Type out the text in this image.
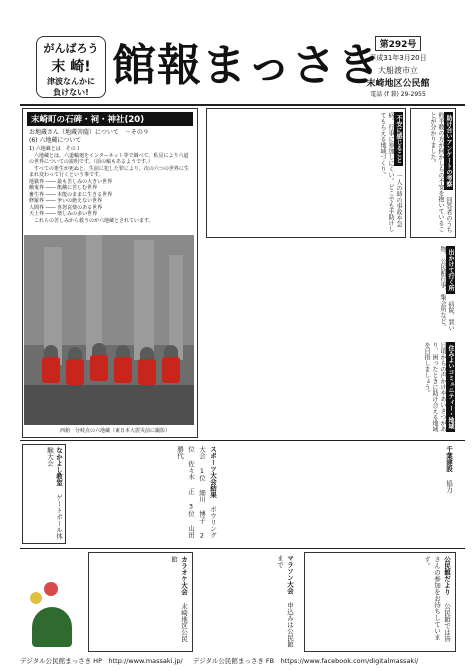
がんばろう
末 崎!
津波なんかに
負けない!
館報まっさき
第292号
平成31年3月20日
大船渡市立
末崎地区公民館
電話 (f 兼) 29-2955
末崎町の石碑・祠・神社(20)
お地蔵さん（地蔵菩薩）について　－その９
(6) 六地蔵について
1) 六地蔵とは　その１
　六地蔵とは、六道輪廻をインターネット等で調べて、私見により六道の世界についての説明です。（前の稿もあるようです。）
　すべての衆生が死ぬと、生前に犯した罪により、次の六つの世界に生まれ変わって行くという事です。
地獄界 ―― 最も苦しみの大きい世界
餓鬼界 ―― 飢餓に苦しむ世界
畜生界 ―― 本能のままに生きる世界
修羅界 ―― 争いの絶えない世界
人間界 ―― 喜怒哀楽のある世界
天上界 ―― 楽しみの多い世界
　これらの苦しみから救うのが六地蔵とされています。
西舘　分岐点の六地蔵（東日本大震災前に撮影）
不安に感じること 一人の時の事故や急病。行事に参加しにくい。どこでも手助けしてもらえる地域づくり。	助け合いアンケートの考察 回答者のうち約半数の方が何かしらの不安を抱いていることが分かりました。
出かけて行く所 病院、買い物、公民館行事、集会所など。
住みよいコミュニティー・地域 日頃からの声かけやあいさつがあり、困ったときに助け合える地域を目指しましょう。
なかよし教室 ゲートボール体験大会	スポーツ大会結果 ボウリング大会 1位 細川 博子 2位 佐々木 正 3位 山田 勝代	千葉建設 協力
カラオケ大会 末崎地区公民館	マラソン大会 申込みは公民館まで	公民館だより 公民館では皆さんの参加をお待ちしています。
デジタル公民館まっさき HP　http://www.massaki.jp/ デジタル公民館まっさき FB　https://www.facebook.com/digitalmassaki/
